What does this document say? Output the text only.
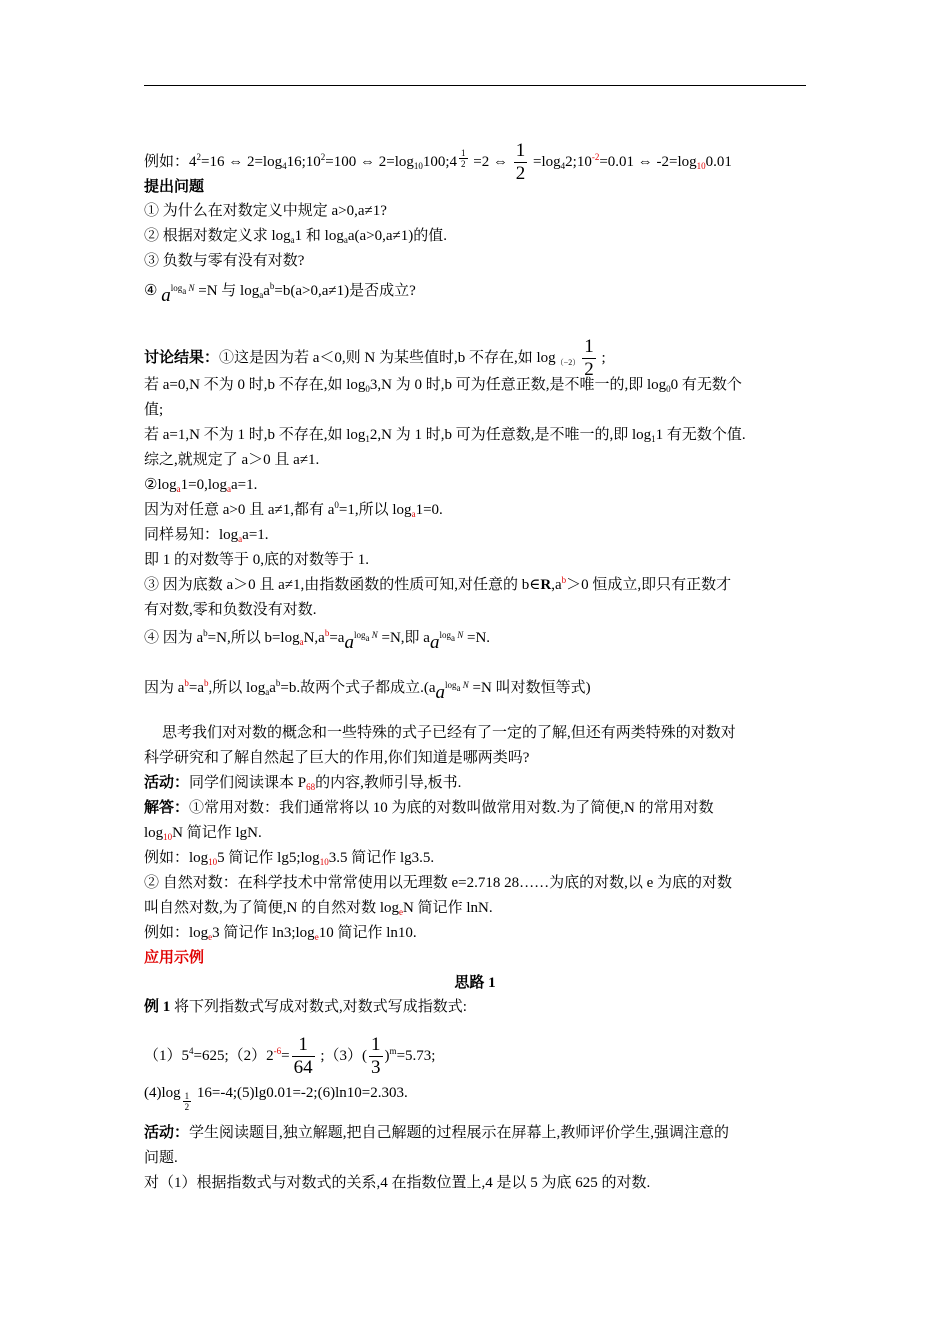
例如：$4^2=16$ ⇔ $2=\log_416;10^2=100$ ⇔ $2=\log_{10}100;4 \frac{1}{2} =2$ ⇔ $\frac{1}{2}$ $=\log_42;10^{-2}=0.01$ ⇔ $-2=\log_{10}0.01$
提出问题
① 为什么在对数定义中规定 a>0,a≠1?
② 根据对数定义求 $\log_a1$ 和 $\log_aa(a>0,a\ne 1)$的值.
③ 负数与零有没有对数?
④ $a^{log_a N} =N$ 与 $\log_aa^b=b(a>0,a\ne 1)$是否成立?
讨论结果：①这是因为若 a＜0,则 N 为某些值时,b 不存在,如 $\log_{(-2)} \frac{1}{2}$ ;
若 a=0,N 不为 0 时,b 不存在,如 $\log_03,N$ 为 0 时,b 可为任意正数,是不唯一的,即 $\log_00$ 有无数个
值;
若 a=1,N 不为 1 时,b 不存在,如 $\log_12,N$ 为 1 时,b 可为任意数,是不唯一的,即 $\log_11$ 有无数个值.
综之,就规定了 a＞0 且 a≠1.
$②\log_a1=0,\log_aa=1$.
因为对任意 a>0 且 a≠1,都有 $a^0=1$,所以 $\log_a1=0$.
同样易知：$\log_aa=1$.
即 1 的对数等于 0,底的对数等于 1.
③ 因为底数 a＞0 且 a≠1,由指数函数的性质可知,对任意的 $b\in R,a^b>0$ 恒成立,即只有正数才
有对数,零和负数没有对数.
④ 因为 $a^b=N$,所以 $b=\log_aN,a^b=aa^{log_a N} =N$,即 $aa^{log_a N} =N$.
因为 $a^b=a^b$,所以 $\log_aa^b=b$.故两个式子都成立$.(aa^{log_a N} =N$ 叫对数恒等式)
思考我们对对数的概念和一些特殊的式子已经有了一定的了解,但还有两类特殊的对数对
科学研究和了解自然起了巨大的作用,你们知道是哪两类吗?
活动：同学们阅读课本 $P_{68}$的内容,教师引导,板书.
解答：①常用对数：我们通常将以 10 为底的对数叫做常用对数.为了简便,N 的常用对数
$\log_{10}N$ 简记作 lgN.
例如：$\log_{10}5$ 简记作 $\lg 5;\log_{10}3.5$ 简记作 lg3.5.
② 自然对数：在科学技术中常常使用以无理数 e=2.718 28……为底的对数,以 e 为底的对数
叫自然对数,为了简便,N 的自然对数 $\log_eN$ 简记作 lnN.
例如：$\log_e3$ 简记作 $\ln 3;\log_e10$ 简记作 ln10.
应用示例
思路 1
例 1 将下列指数式写成对数式,对数式写成指数式:
$(1)5^4=625;(2)2^{-6}= \frac{1}{64}$ ;（3）( $\frac{1}{3} )^m=5.73$;
$(4)\log \frac{1}{2}$ 16=-4;(5)lg0.01=-2;(6)ln10=2.303.
活动：学生阅读题目,独立解题,把自己解题的过程展示在屏幕上,教师评价学生,强调注意的
问题.
对（1）根据指数式与对数式的关系,4 在指数位置上,4 是以 5 为底 625 的对数.
